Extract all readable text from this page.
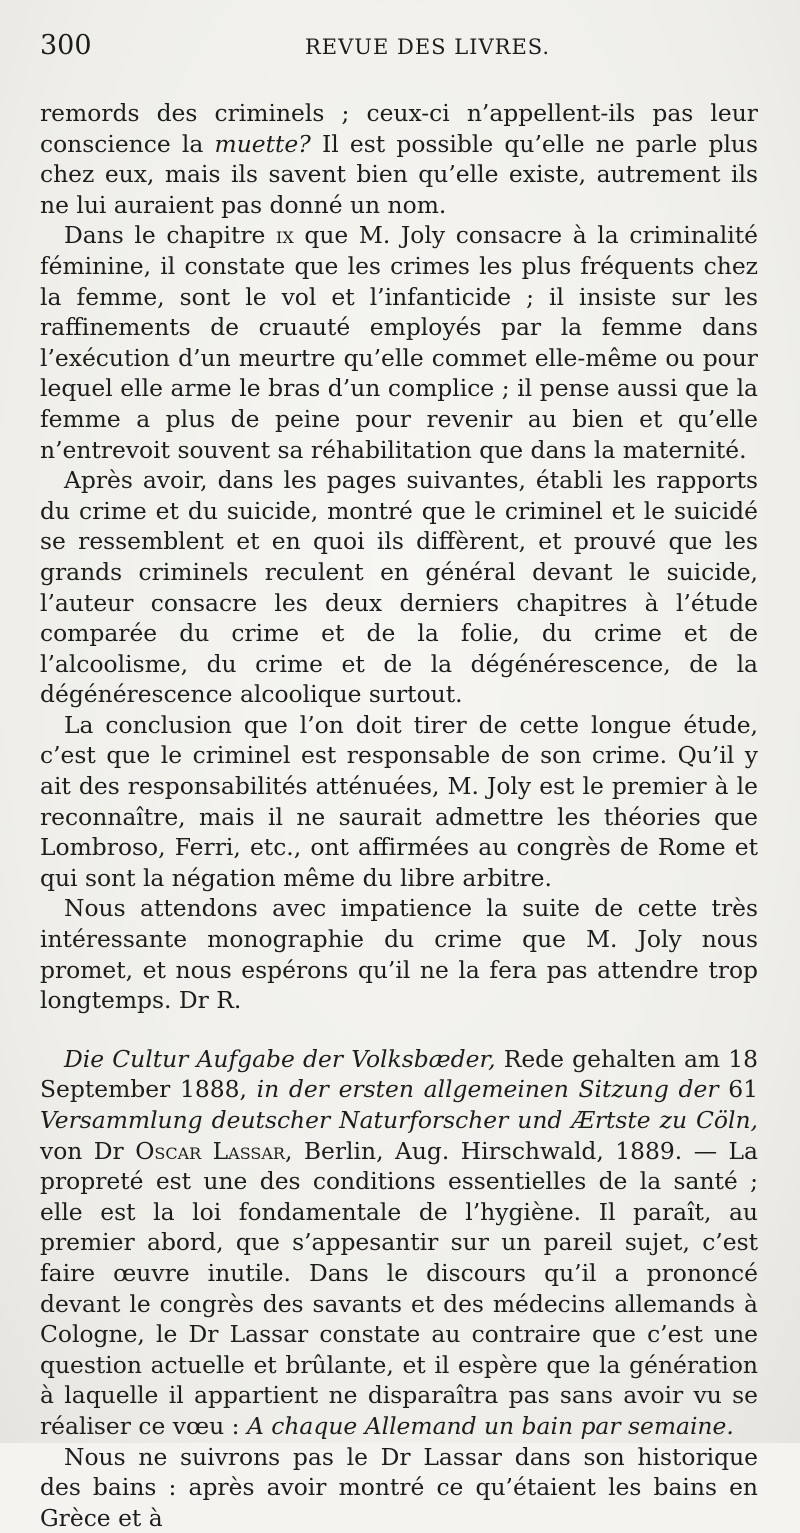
300	REVUE DES LIVRES.

remords des criminels ; ceux-ci n’appellent-ils pas leur conscience la muette? Il est possible qu’elle ne parle plus chez eux, mais ils savent bien qu’elle existe, autrement ils ne lui auraient pas donné un nom.

Dans le chapitre ix que M. Joly consacre à la criminalité féminine, il constate que les crimes les plus fréquents chez la femme, sont le vol et l’infanticide ; il insiste sur les raffinements de cruauté employés par la femme dans l’exécution d’un meurtre qu’elle commet elle-même ou pour lequel elle arme le bras d’un complice ; il pense aussi que la femme a plus de peine pour revenir au bien et qu’elle n’entrevoit souvent sa réhabilitation que dans la maternité.

Après avoir, dans les pages suivantes, établi les rapports du crime et du suicide, montré que le criminel et le suicidé se ressemblent et en quoi ils diffèrent, et prouvé que les grands criminels reculent en général devant le suicide, l’auteur consacre les deux derniers chapitres à l’étude comparée du crime et de la folie, du crime et de l’alcoolisme, du crime et de la dégénérescence, de la dégénérescence alcoolique surtout.

La conclusion que l’on doit tirer de cette longue étude, c’est que le criminel est responsable de son crime. Qu’il y ait des responsabilités atténuées, M. Joly est le premier à le reconnaître, mais il ne saurait admettre les théories que Lombroso, Ferri, etc., ont affirmées au congrès de Rome et qui sont la négation même du libre arbitre.

Nous attendons avec impatience la suite de cette très intéressante monographie du crime que M. Joly nous promet, et nous espérons qu’il ne la fera pas attendre trop longtemps. Dr R.

Die Cultur Aufgabe der Volksbæder, Rede gehalten am 18 September 1888, in der ersten allgemeinen Sitzung der 61 Versammlung deutscher Naturforscher und Ærtste zu Cöln, von Dr Oscar Lassar, Berlin, Aug. Hirschwald, 1889. — La propreté est une des conditions essentielles de la santé ; elle est la loi fondamentale de l’hygiène. Il paraît, au premier abord, que s’appesantir sur un pareil sujet, c’est faire œuvre inutile. Dans le discours qu’il a prononcé devant le congrès des savants et des médecins allemands à Cologne, le Dr Lassar constate au contraire que c’est une question actuelle et brûlante, et il espère que la génération à laquelle il appartient ne disparaîtra pas sans avoir vu se réaliser ce vœu : A chaque Allemand un bain par semaine.

Nous ne suivrons pas le Dr Lassar dans son historique des bains : après avoir montré ce qu’étaient les bains en Grèce et à
